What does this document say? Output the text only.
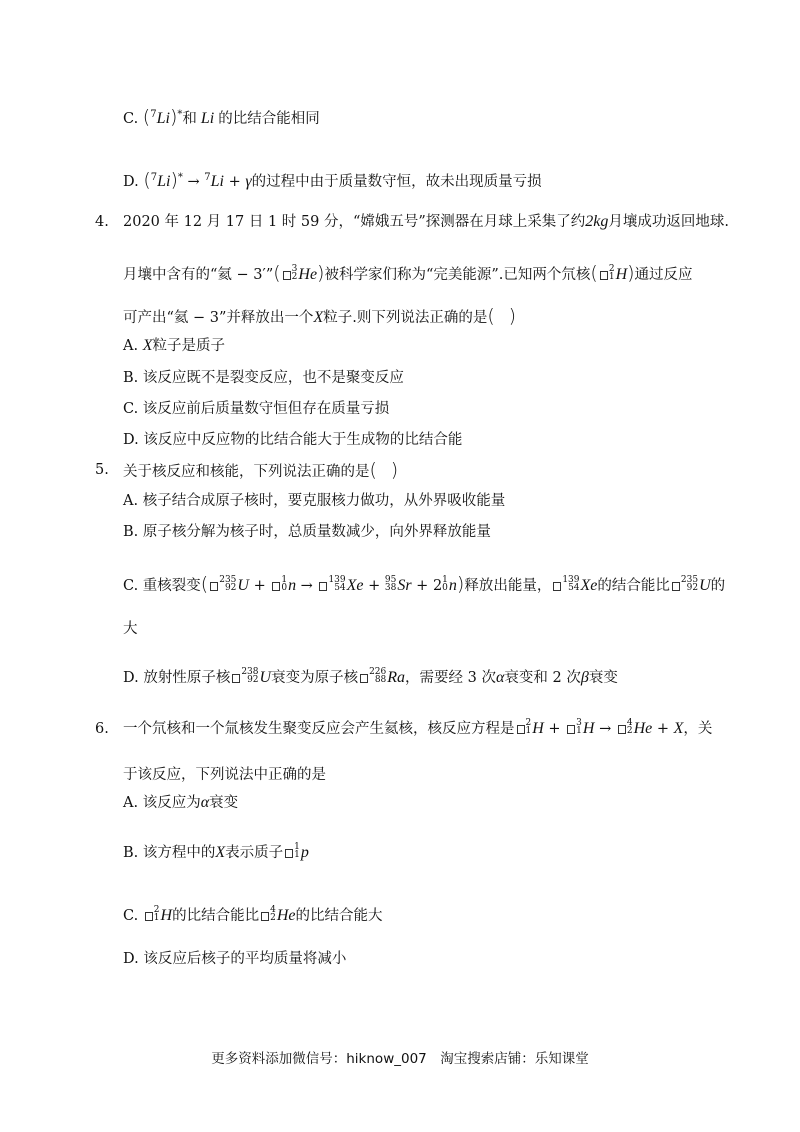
C. ($^7$Li)*和 Li 的比结合能相同
D. ($^7$Li)* → $^7$Li + γ的过程中由于质量数守恒，故未出现质量亏损
4. 2020 年 12 月 17 日 1 时 59 分，“嫦娥五号”探测器在月球上采集了约2kg月壤成功返回地球.
月壤中含有的“氦 − 3′”( 3
2 He)被科学家们称为“完美能源”.已知两个氘核( 2
1 H)通过反应
可产出“氦 − 3”并释放出一个X粒子.则下列说法正确的是( )
A. X粒子是质子
B. 该反应既不是裂变反应，也不是聚变反应
C. 该反应前后质量数守恒但存在质量亏损
D. 该反应中反应物的比结合能大于生成物的比结合能
5. 关于核反应和核能，下列说法正确的是( )
A. 核子结合成原子核时，要克服核力做功，从外界吸收能量
B. 原子核分解为核子时，总质量数减少，向外界释放能量
C. 重核裂变( 235
92 U + 1
0 n → 139
54 Xe + 95
38 Sr + 2 1
0 n)释放出能量， 139
54 Xe的结合能比 235
92 U的
大
D. 放射性原子核 238
92 U衰变为原子核 226
88 Ra，需要经 3 次α衰变和 2 次β衰变
6. 一个氘核和一个氚核发生聚变反应会产生氦核，核反应方程是 2
1 H + 3
1 H → 4
2 He + X，关
于该反应，下列说法中正确的是
A. 该反应为α衰变
B. 该方程中的X表示质子 1
1 p
C. 2
1 H的比结合能比 4
2 He的比结合能大
D. 该反应后核子的平均质量将减小
更多资料添加微信号：hiknow_007　淘宝搜索店铺：乐知课堂
